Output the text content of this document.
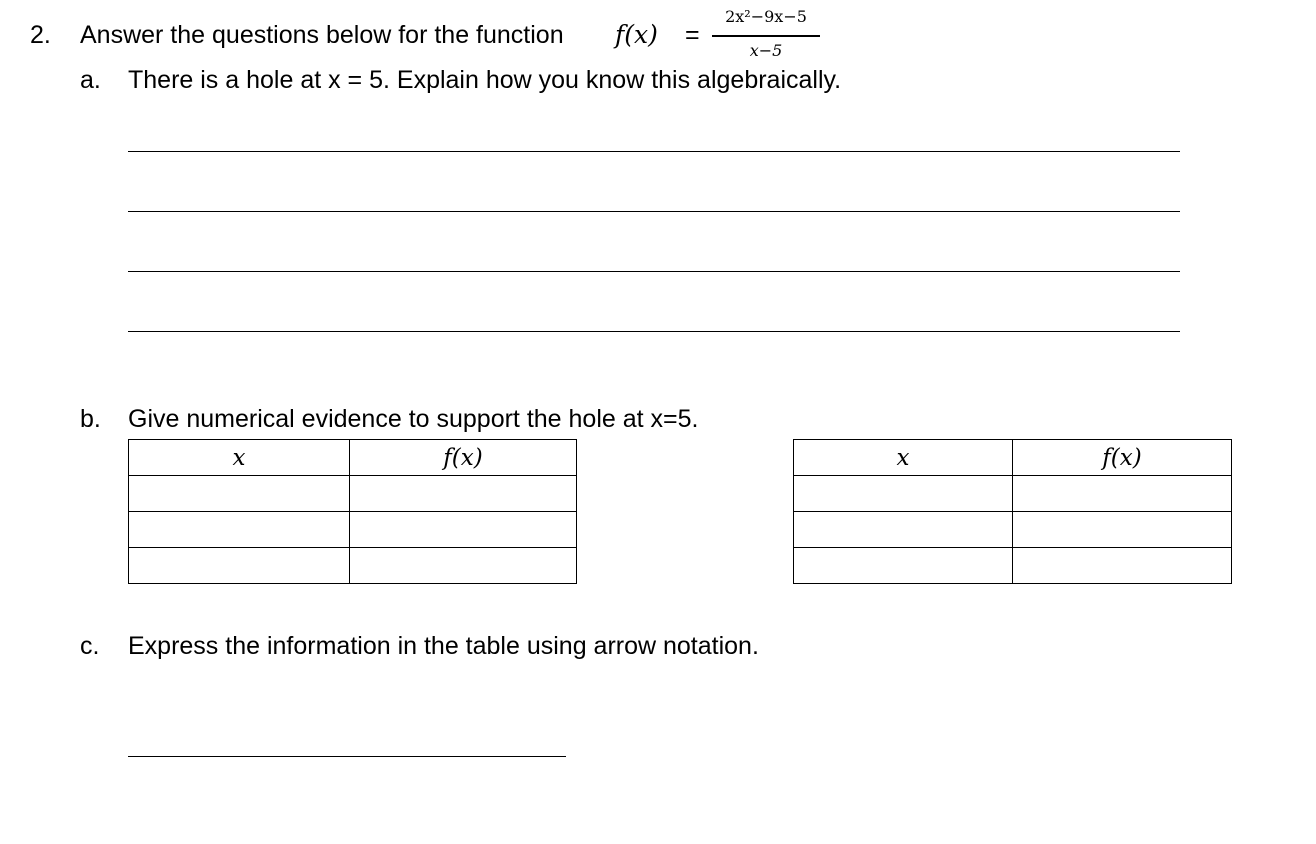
2. Answer the questions below for the function f(x) =
2x²−9x−5
x−5
a. There is a hole at x = 5. Explain how you know this algebraically.
b. Give numerical evidence to support the hole at x=5.
x	f(x)

		x	f(x)

c. Express the information in the table using arrow notation.
